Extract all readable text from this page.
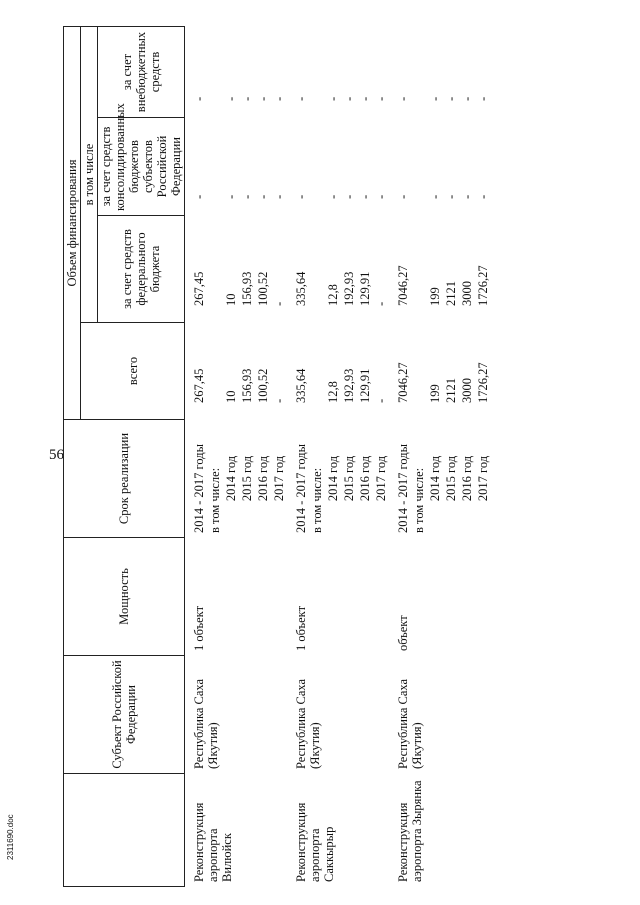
56
2311690.doc
	Субъект Российской Федерации	Мощность	Срок реализации	Объем финансирования			
				всего	в том числе		
					за счет средств федерального бюджета	за счет средств консолидированных бюджетов субъектов Российской Федерации	за счет внебюджетных средств

Реконструкция аэропорта Вилюйск	Республика Саха (Якутия)	1 объект	2014 - 2017 годы	267,45	267,45	-	-
			в том числе:				
			2014 год	10	10	-	-
			2015 год	156,93	156,93	-	-
			2016 год	100,52	100,52	-	-
			2017 год	-	-	-	-

Реконструкция аэропорта Саккырыр	Республика Саха (Якутия)	1 объект	2014 - 2017 годы	335,64	335,64	-	-
			в том числе:				
			2014 год	12,8	12,8	-	-
			2015 год	192,93	192,93	-	-
			2016 год	129,91	129,91	-	-
			2017 год	-	-	-	-

Реконструкция аэропорта Зырянка	Республика Саха (Якутия)	объект	2014 - 2017 годы	7046,27	7046,27	-	-
			в том числе:				
			2014 год	199	199	-	-
			2015 год	2121	2121	-	-
			2016 год	3000	3000	-	-
			2017 год	1726,27	1726,27	-	-
